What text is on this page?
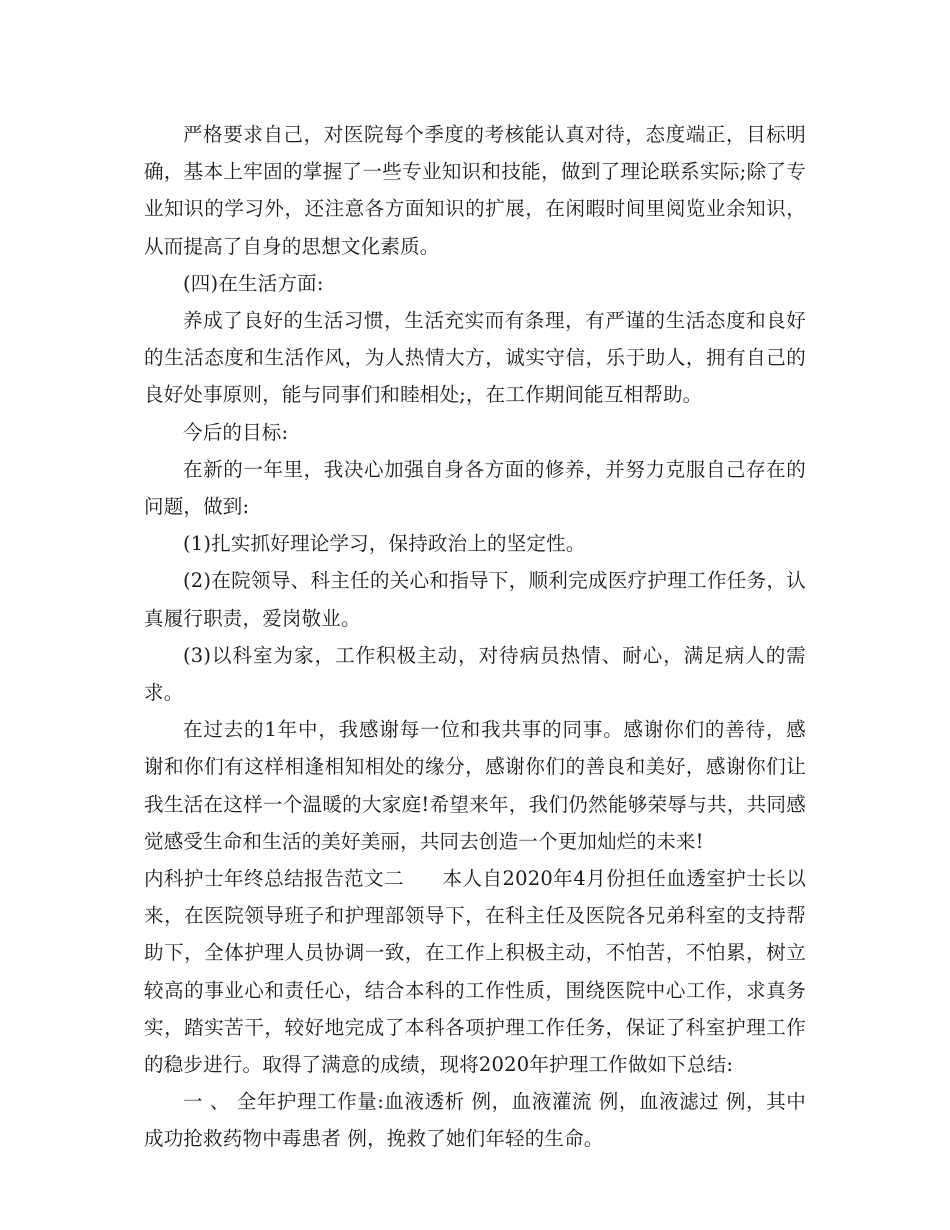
严格要求自己，对医院每个季度的考核能认真对待，态度端正，目标明确，基本上牢固的掌握了一些专业知识和技能，做到了理论联系实际;除了专业知识的学习外，还注意各方面知识的扩展，在闲暇时间里阅览业余知识，从而提高了自身的思想文化素质。

(四)在生活方面:

养成了良好的生活习惯，生活充实而有条理，有严谨的生活态度和良好的生活态度和生活作风，为人热情大方，诚实守信，乐于助人，拥有自己的良好处事原则，能与同事们和睦相处;，在工作期间能互相帮助。

今后的目标:

在新的一年里，我决心加强自身各方面的修养，并努力克服自己存在的问题，做到:

(1)扎实抓好理论学习，保持政治上的坚定性。

(2)在院领导、科主任的关心和指导下，顺利完成医疗护理工作任务，认真履行职责，爱岗敬业。

(3)以科室为家，工作积极主动，对待病员热情、耐心，满足病人的需求。

在过去的1年中，我感谢每一位和我共事的同事。感谢你们的善待，感谢和你们有这样相逢相知相处的缘分，感谢你们的善良和美好，感谢你们让我生活在这样一个温暖的大家庭!希望来年，我们仍然能够荣辱与共，共同感觉感受生命和生活的美好美丽，共同去创造一个更加灿烂的未来!

内科护士年终总结报告范文二 本人自2020年4月份担任血透室护士长以来，在医院领导班子和护理部领导下，在科主任及医院各兄弟科室的支持帮助下，全体护理人员协调一致，在工作上积极主动，不怕苦，不怕累，树立较高的事业心和责任心，结合本科的工作性质，围绕医院中心工作，求真务实，踏实苦干，较好地完成了本科各项护理工作任务，保证了科室护理工作的稳步进行。取得了满意的成绩，现将2020年护理工作做如下总结:

一 、 全年护理工作量:血液透析 例，血液灌流 例，血液滤过 例，其中成功抢救药物中毒患者 例，挽救了她们年轻的生命。
